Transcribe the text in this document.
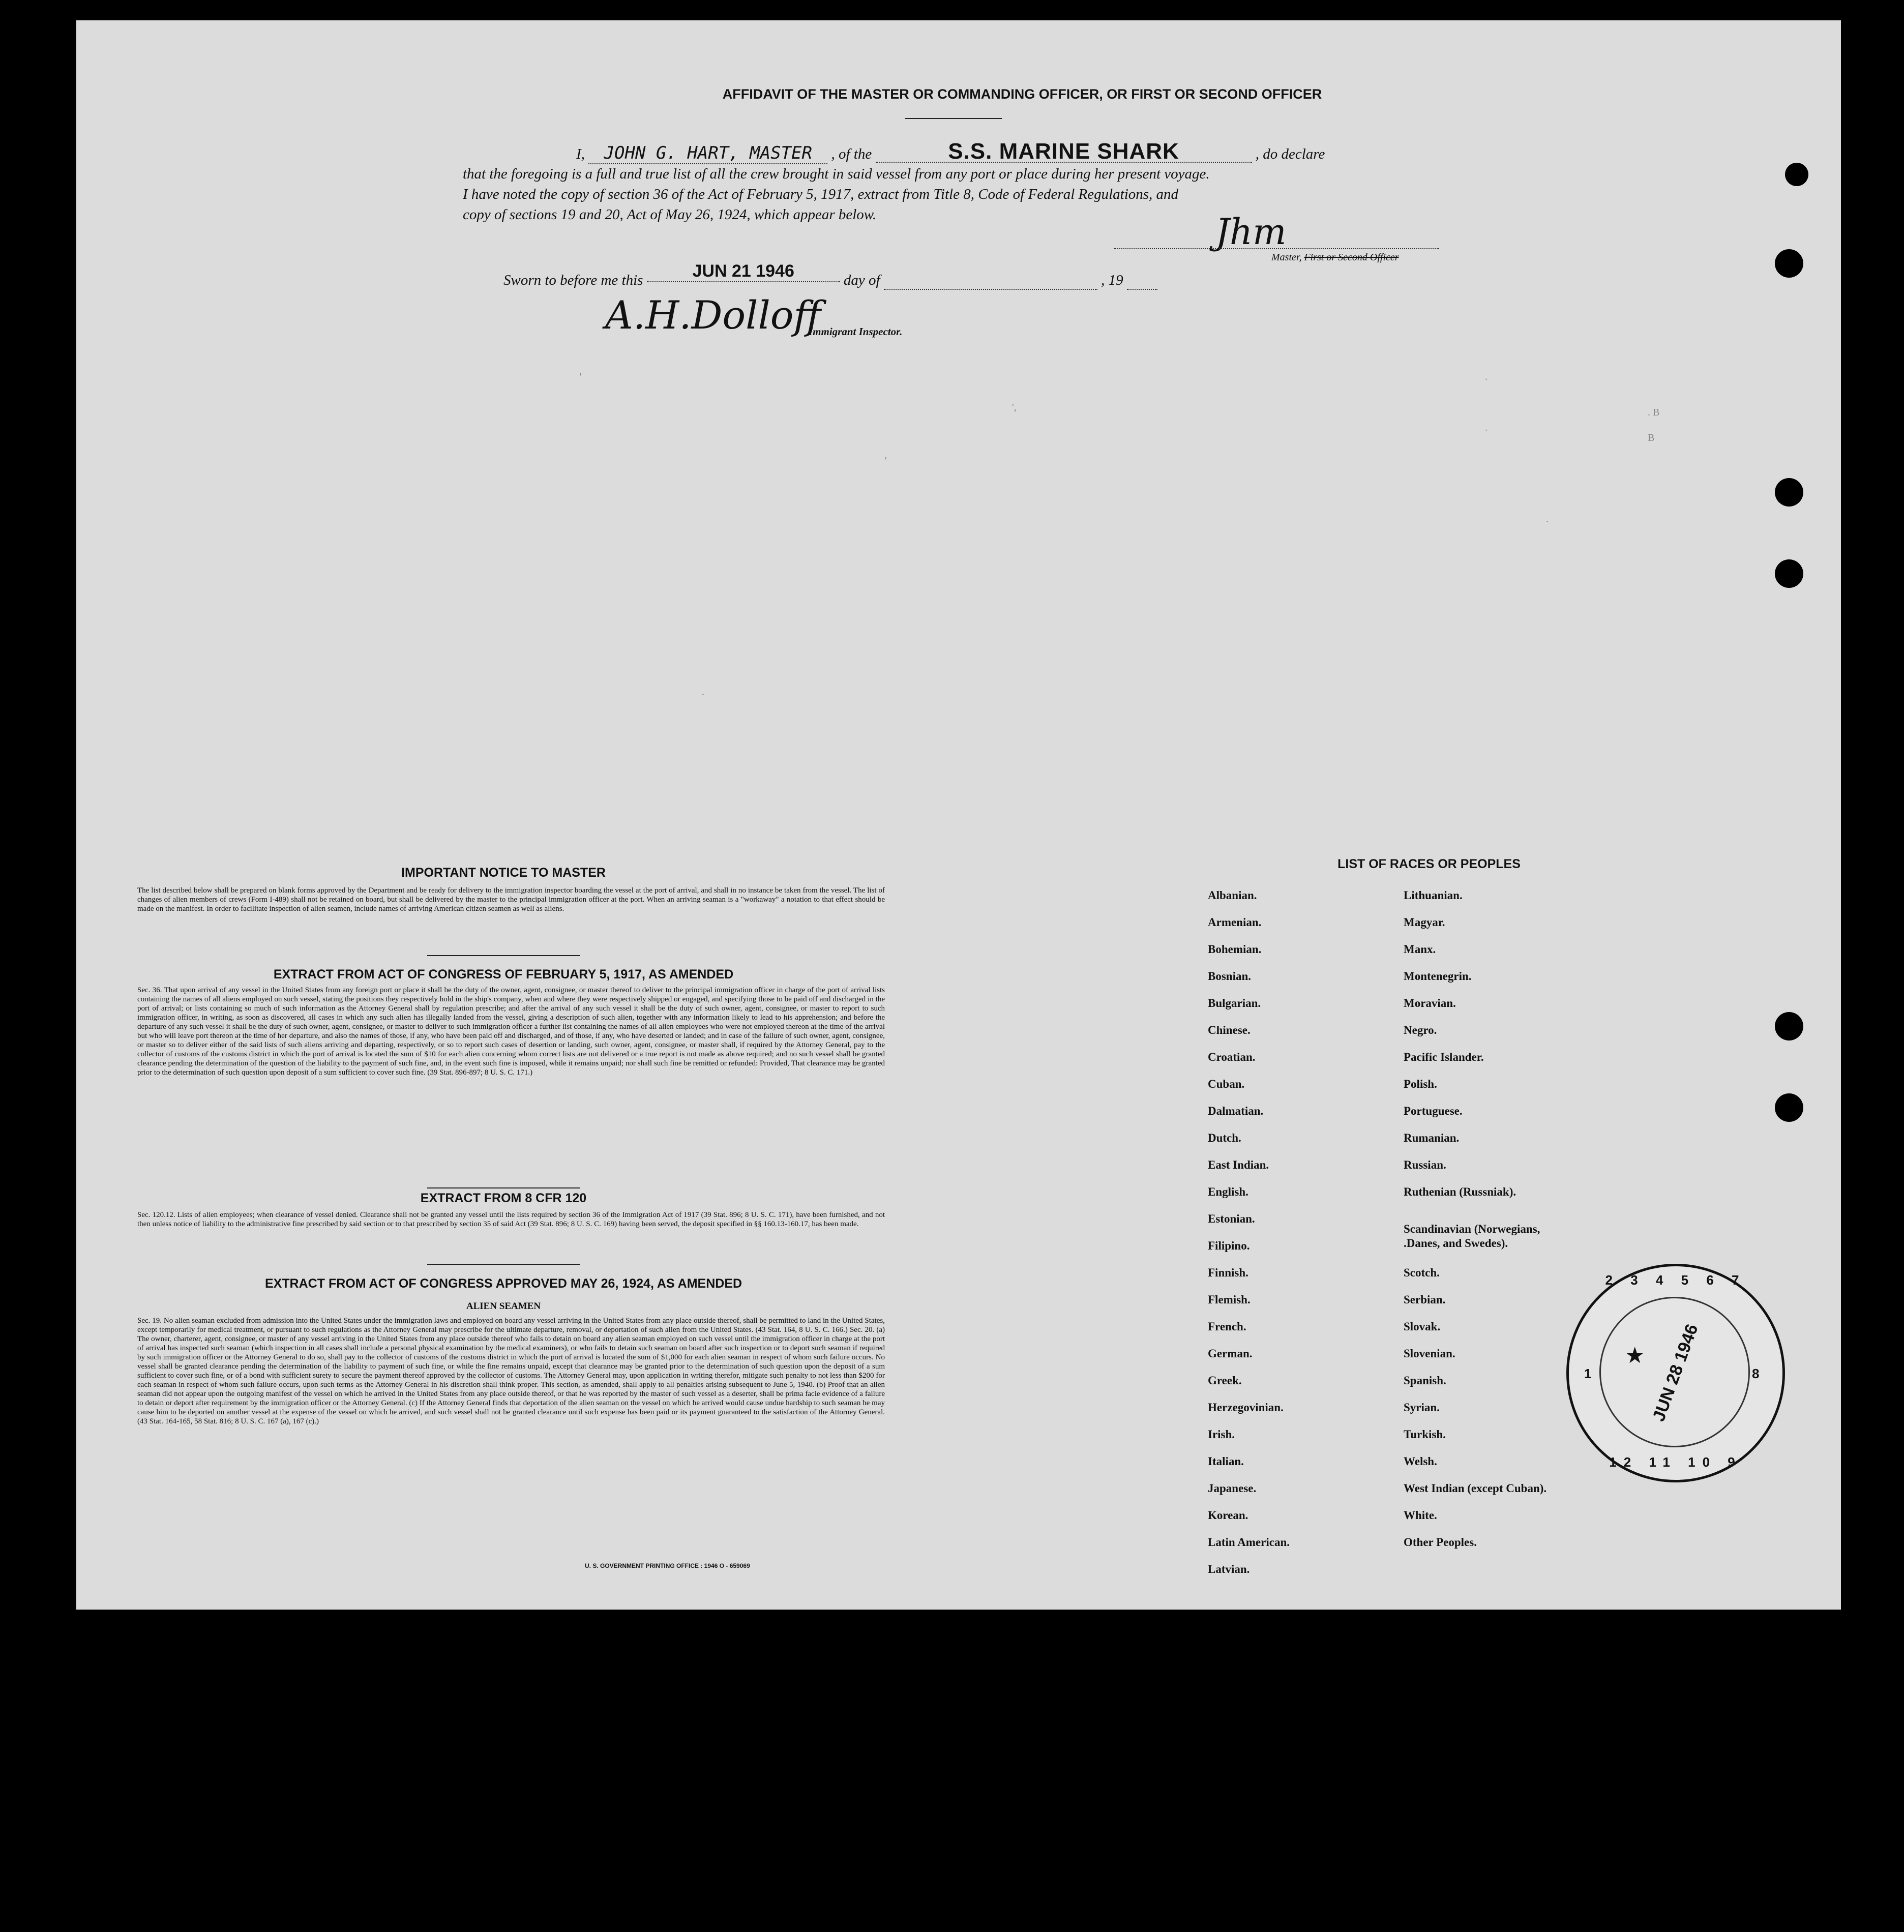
AFFIDAVIT OF THE MASTER OR COMMANDING OFFICER, OR FIRST OR SECOND OFFICER
I, JOHN G. HART, MASTER , of the	S.S. MARINE SHARK	, do declare
that the foregoing is a full and true list of all the crew brought in said vessel from any port or place during her present voyage.
I have noted the copy of section 36 of the Act of February 5, 1917, extract from Title 8, Code of Federal Regulations, and
copy of sections 19 and 20, Act of May 26, 1924, which appear below.	Jhm
Master, First or Second Officer
Sworn to before me this	JUN 21 1946	day of	, 19
A.H.Dolloff
Immigrant Inspector.
'
'
',
.
.
.
. B
B
.
IMPORTANT NOTICE TO MASTER
The list described below shall be prepared on blank forms approved by the Department and be ready for delivery to the immigration inspector boarding the vessel at the port of arrival, and shall in no instance be taken from the vessel. The list of changes of alien members of crews (Form I-489) shall not be retained on board, but shall be delivered by the master to the principal immigration officer at the port. When an arriving seaman is a "workaway" a notation to that effect should be made on the manifest. In order to facilitate inspection of alien seamen, include names of arriving American citizen seamen as well as aliens.
EXTRACT FROM ACT OF CONGRESS OF FEBRUARY 5, 1917, AS AMENDED
Sec. 36. That upon arrival of any vessel in the United States from any foreign port or place it shall be the duty of the owner, agent, consignee, or master thereof to deliver to the principal immigration officer in charge of the port of arrival lists containing the names of all aliens employed on such vessel, stating the positions they respectively hold in the ship's company, when and where they were respectively shipped or engaged, and specifying those to be paid off and discharged in the port of arrival; or lists containing so much of such information as the Attorney General shall by regulation prescribe; and after the arrival of any such vessel it shall be the duty of such owner, agent, consignee, or master to report to such immigration officer, in writing, as soon as discovered, all cases in which any such alien has illegally landed from the vessel, giving a description of such alien, together with any information likely to lead to his apprehension; and before the departure of any such vessel it shall be the duty of such owner, agent, consignee, or master to deliver to such immigration officer a further list containing the names of all alien employees who were not employed thereon at the time of the arrival but who will leave port thereon at the time of her departure, and also the names of those, if any, who have been paid off and discharged, and of those, if any, who have deserted or landed; and in case of the failure of such owner, agent, consignee, or master so to deliver either of the said lists of such aliens arriving and departing, respectively, or so to report such cases of desertion or landing, such owner, agent, consignee, or master shall, if required by the Attorney General, pay to the collector of customs of the customs district in which the port of arrival is located the sum of $10 for each alien concerning whom correct lists are not delivered or a true report is not made as above required; and no such vessel shall be granted clearance pending the determination of the question of the liability to the payment of such fine, and, in the event such fine is imposed, while it remains unpaid; nor shall such fine be remitted or refunded: Provided, That clearance may be granted prior to the determination of such question upon deposit of a sum sufficient to cover such fine. (39 Stat. 896-897; 8 U. S. C. 171.)
EXTRACT FROM 8 CFR 120
Sec. 120.12. Lists of alien employees; when clearance of vessel denied. Clearance shall not be granted any vessel until the lists required by section 36 of the Immigration Act of 1917 (39 Stat. 896; 8 U. S. C. 171), have been furnished, and not then unless notice of liability to the administrative fine prescribed by said section or to that prescribed by section 35 of said Act (39 Stat. 896; 8 U. S. C. 169) having been served, the deposit specified in §§ 160.13-160.17, has been made.
EXTRACT FROM ACT OF CONGRESS APPROVED MAY 26, 1924, AS AMENDED
ALIEN SEAMEN
Sec. 19. No alien seaman excluded from admission into the United States under the immigration laws and employed on board any vessel arriving in the United States from any place outside thereof, shall be permitted to land in the United States, except temporarily for medical treatment, or pursuant to such regulations as the Attorney General may prescribe for the ultimate departure, removal, or deportation of such alien from the United States. (43 Stat. 164, 8 U. S. C. 166.) Sec. 20. (a) The owner, charterer, agent, consignee, or master of any vessel arriving in the United States from any place outside thereof who fails to detain on board any alien seaman employed on such vessel until the immigration officer in charge at the port of arrival has inspected such seaman (which inspection in all cases shall include a personal physical examination by the medical examiners), or who fails to detain such seaman on board after such inspection or to deport such seaman if required by such immigration officer or the Attorney General to do so, shall pay to the collector of customs of the customs district in which the port of arrival is located the sum of $1,000 for each alien seaman in respect of whom such failure occurs. No vessel shall be granted clearance pending the determination of the liability to payment of such fine, or while the fine remains unpaid, except that clearance may be granted prior to the determination of such question upon the deposit of a sum sufficient to cover such fine, or of a bond with sufficient surety to secure the payment thereof approved by the collector of customs. The Attorney General may, upon application in writing therefor, mitigate such penalty to not less than $200 for each seaman in respect of whom such failure occurs, upon such terms as the Attorney General in his discretion shall think proper. This section, as amended, shall apply to all penalties arising subsequent to June 5, 1940. (b) Proof that an alien seaman did not appear upon the outgoing manifest of the vessel on which he arrived in the United States from any place outside thereof, or that he was reported by the master of such vessel as a deserter, shall be prima facie evidence of a failure to detain or deport after requirement by the immigration officer or the Attorney General. (c) If the Attorney General finds that deportation of the alien seaman on the vessel on which he arrived would cause undue hardship to such seaman he may cause him to be deported on another vessel at the expense of the vessel on which he arrived, and such vessel shall not be granted clearance until such expense has been paid or its payment guaranteed to the satisfaction of the Attorney General. (43 Stat. 164-165, 58 Stat. 816; 8 U. S. C. 167 (a), 167 (c).)
U. S. GOVERNMENT PRINTING OFFICE : 1946 O - 659069
LIST OF RACES OR PEOPLES
Albanian.
Armenian.
Bohemian.
Bosnian.
Bulgarian.
Chinese.
Croatian.
Cuban.
Dalmatian.
Dutch.
East Indian.
English.
Estonian.
Filipino.
Finnish.
Flemish.
French.
German.
Greek.
Herzegovinian.
Irish.
Italian.
Japanese.
Korean.
Latin American.
Latvian.
Lithuanian.
Magyar.
Manx.
Montenegrin.
Moravian.
Negro.
Pacific Islander.
Polish.
Portuguese.
Rumanian.
Russian.
Ruthenian (Russniak).
Scandinavian (Norwegians,
.Danes, and Swedes).
Scotch.
Serbian.
Slovak.
Slovenian.
Spanish.
Syrian.
Turkish.
Welsh.
West Indian (except Cuban).
White.
Other Peoples.
2 3 4 5 6 7
12 11 10 9
1	8
JUN 28 1946
★
